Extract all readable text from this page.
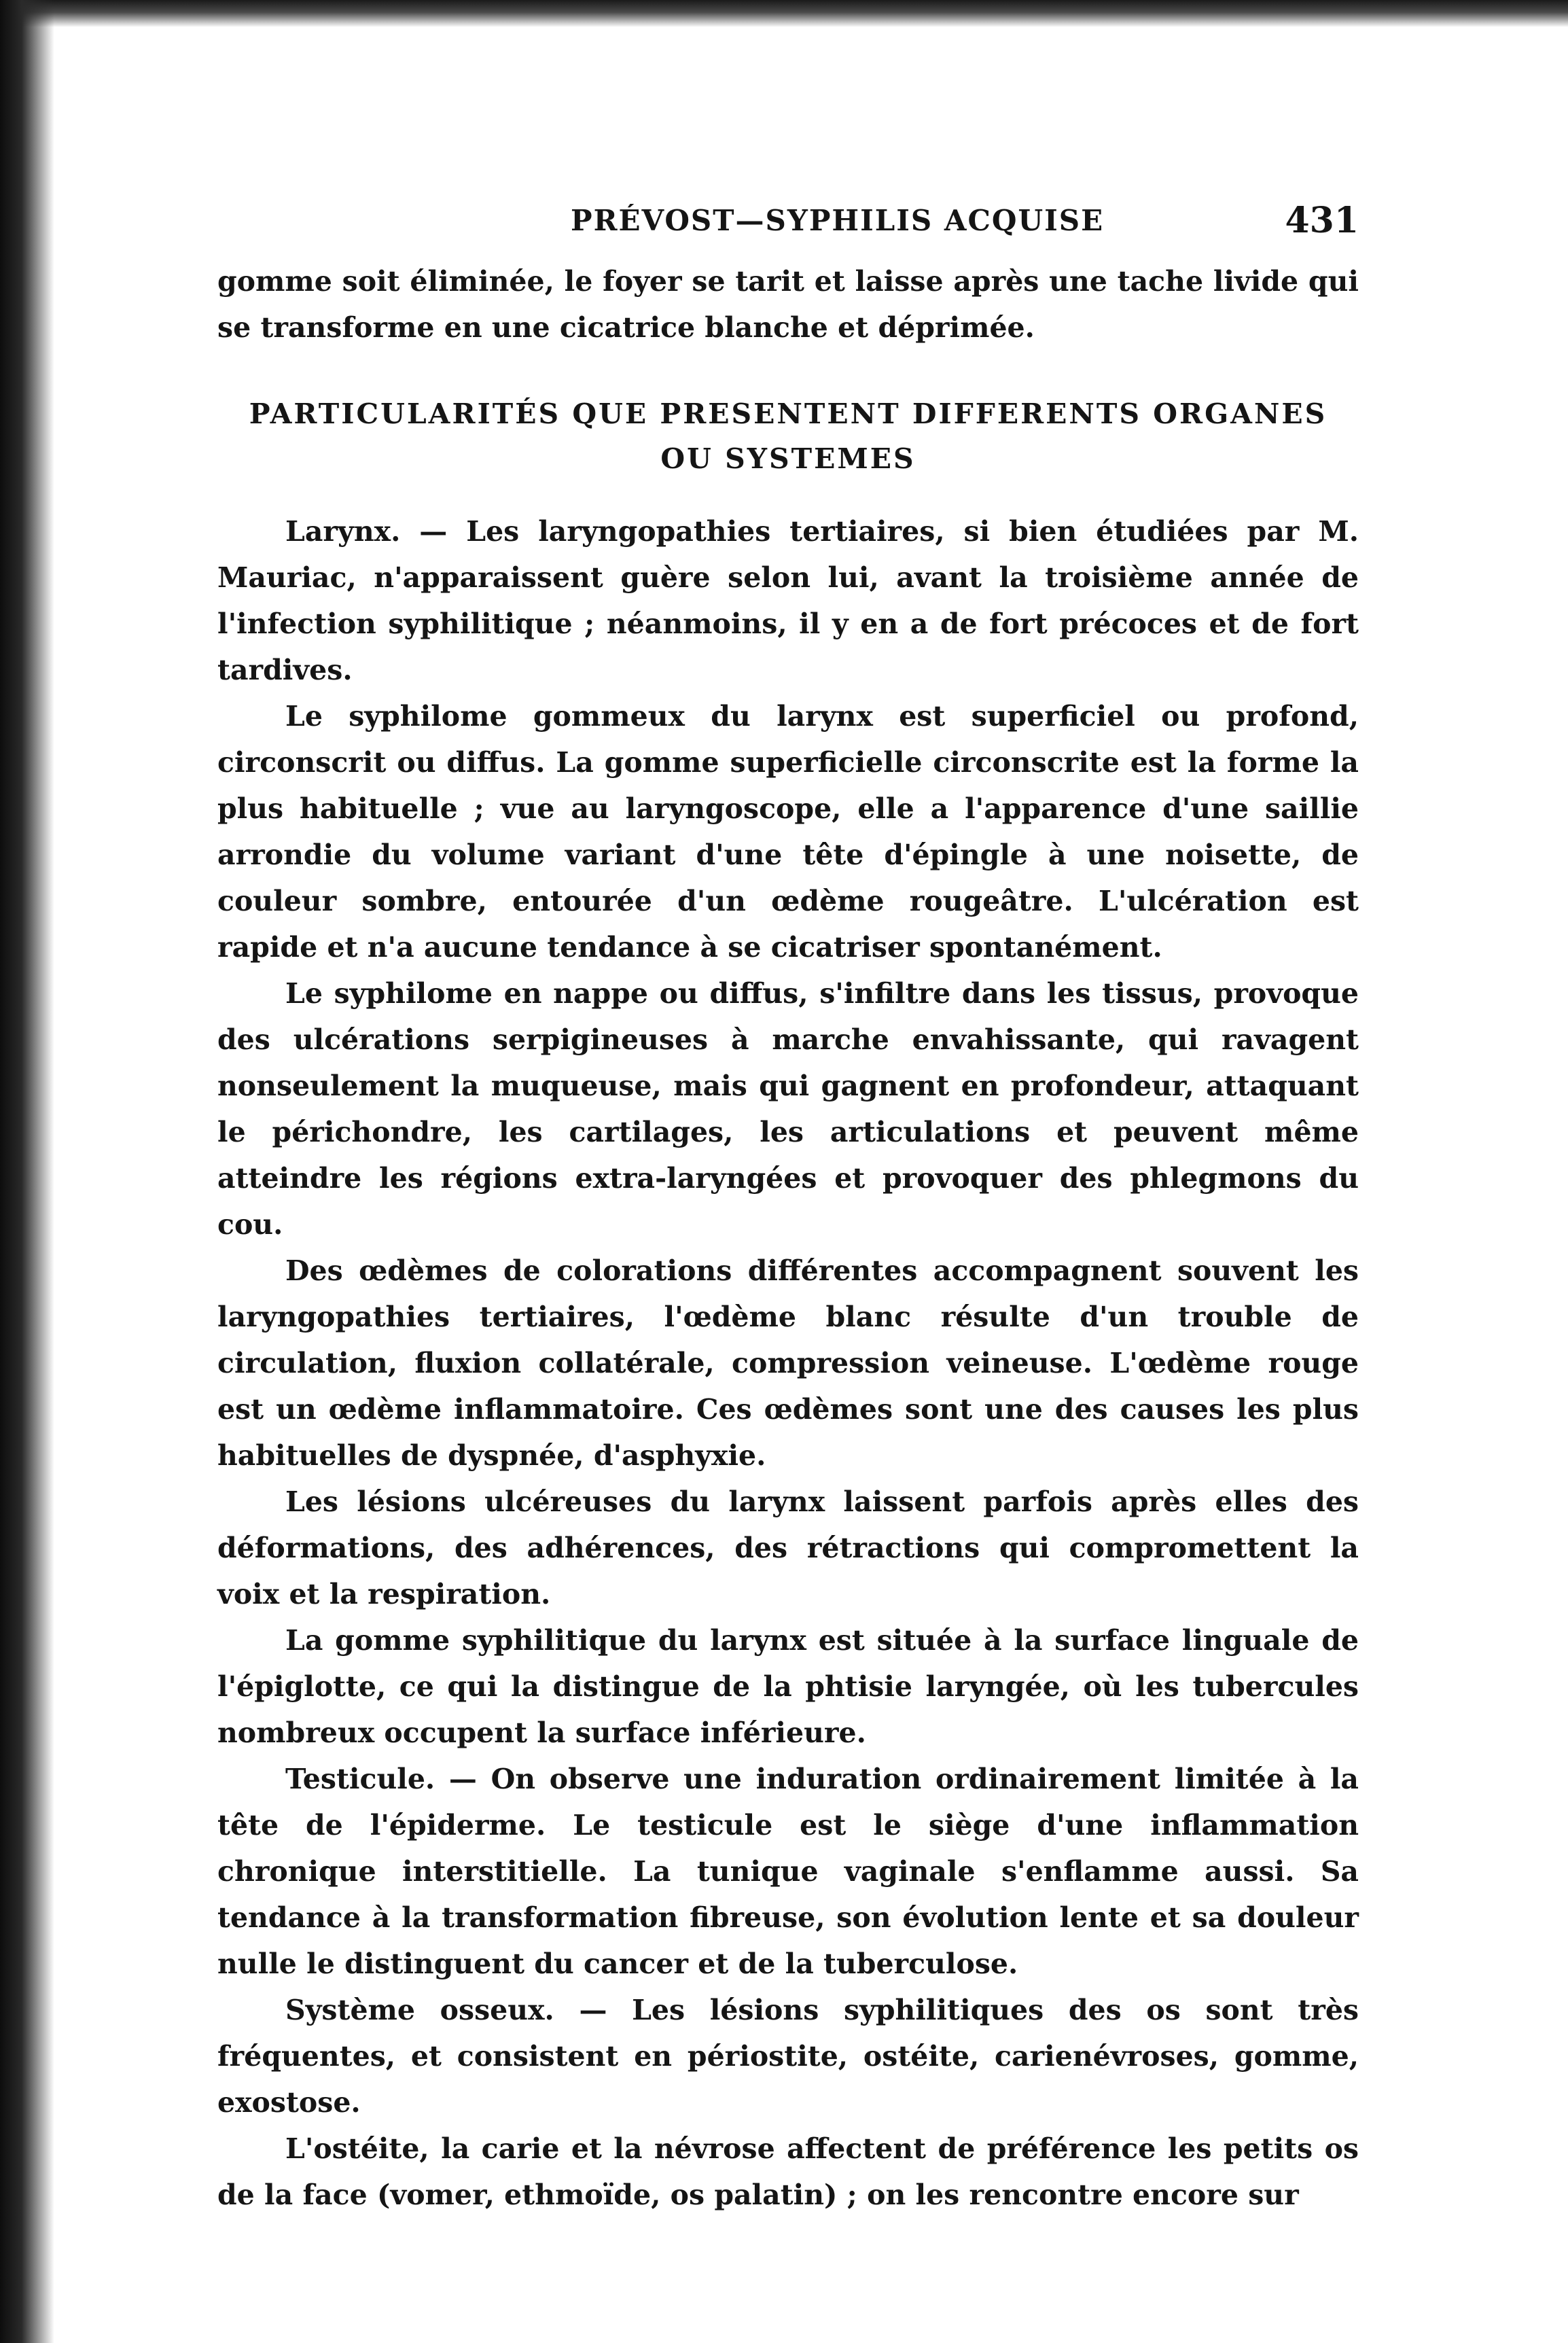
PRÉVOST—SYPHILIS ACQUISE	431

gomme soit éliminée, le foyer se tarit et laisse après une tache livide qui se transforme en une cicatrice blanche et déprimée.

PARTICULARITÉS QUE PRESENTENT DIFFERENTS ORGANES
OU SYSTEMES

Larynx. — Les laryngopathies tertiaires, si bien étudiées par M. Mauriac, n'apparaissent guère selon lui, avant la troisième année de l'infection syphilitique ; néanmoins, il y en a de fort précoces et de fort tardives.

Le syphilome gommeux du larynx est superficiel ou profond, circonscrit ou diffus. La gomme superficielle circonscrite est la forme la plus habituelle ; vue au laryngoscope, elle a l'apparence d'une saillie arrondie du volume variant d'une tête d'épingle à une noisette, de couleur sombre, entourée d'un œdème rougeâtre. L'ulcération est rapide et n'a aucune tendance à se cicatriser spontanément.

Le syphilome en nappe ou diffus, s'infiltre dans les tissus, provoque des ulcérations serpigineuses à marche envahissante, qui ravagent nonseulement la muqueuse, mais qui gagnent en profondeur, attaquant le périchondre, les cartilages, les articulations et peuvent même atteindre les régions extra-laryngées et provoquer des phlegmons du cou.

Des œdèmes de colorations différentes accompagnent souvent les laryngopathies tertiaires, l'œdème blanc résulte d'un trouble de circulation, fluxion collatérale, compression veineuse. L'œdème rouge est un œdème inflammatoire. Ces œdèmes sont une des causes les plus habituelles de dyspnée, d'asphyxie.

Les lésions ulcéreuses du larynx laissent parfois après elles des déformations, des adhérences, des rétractions qui compromettent la voix et la respiration.

La gomme syphilitique du larynx est située à la surface linguale de l'épiglotte, ce qui la distingue de la phtisie laryngée, où les tubercules nombreux occupent la surface inférieure.

Testicule. — On observe une induration ordinairement limitée à la tête de l'épiderme. Le testicule est le siège d'une inflammation chronique interstitielle. La tunique vaginale s'enflamme aussi. Sa tendance à la transformation fibreuse, son évolution lente et sa douleur nulle le distinguent du cancer et de la tuberculose.

Système osseux. — Les lésions syphilitiques des os sont très fréquentes, et consistent en périostite, ostéite, carienévroses, gomme, exostose.

L'ostéite, la carie et la névrose affectent de préférence les petits os de la face (vomer, ethmoïde, os palatin) ; on les rencontre encore sur
